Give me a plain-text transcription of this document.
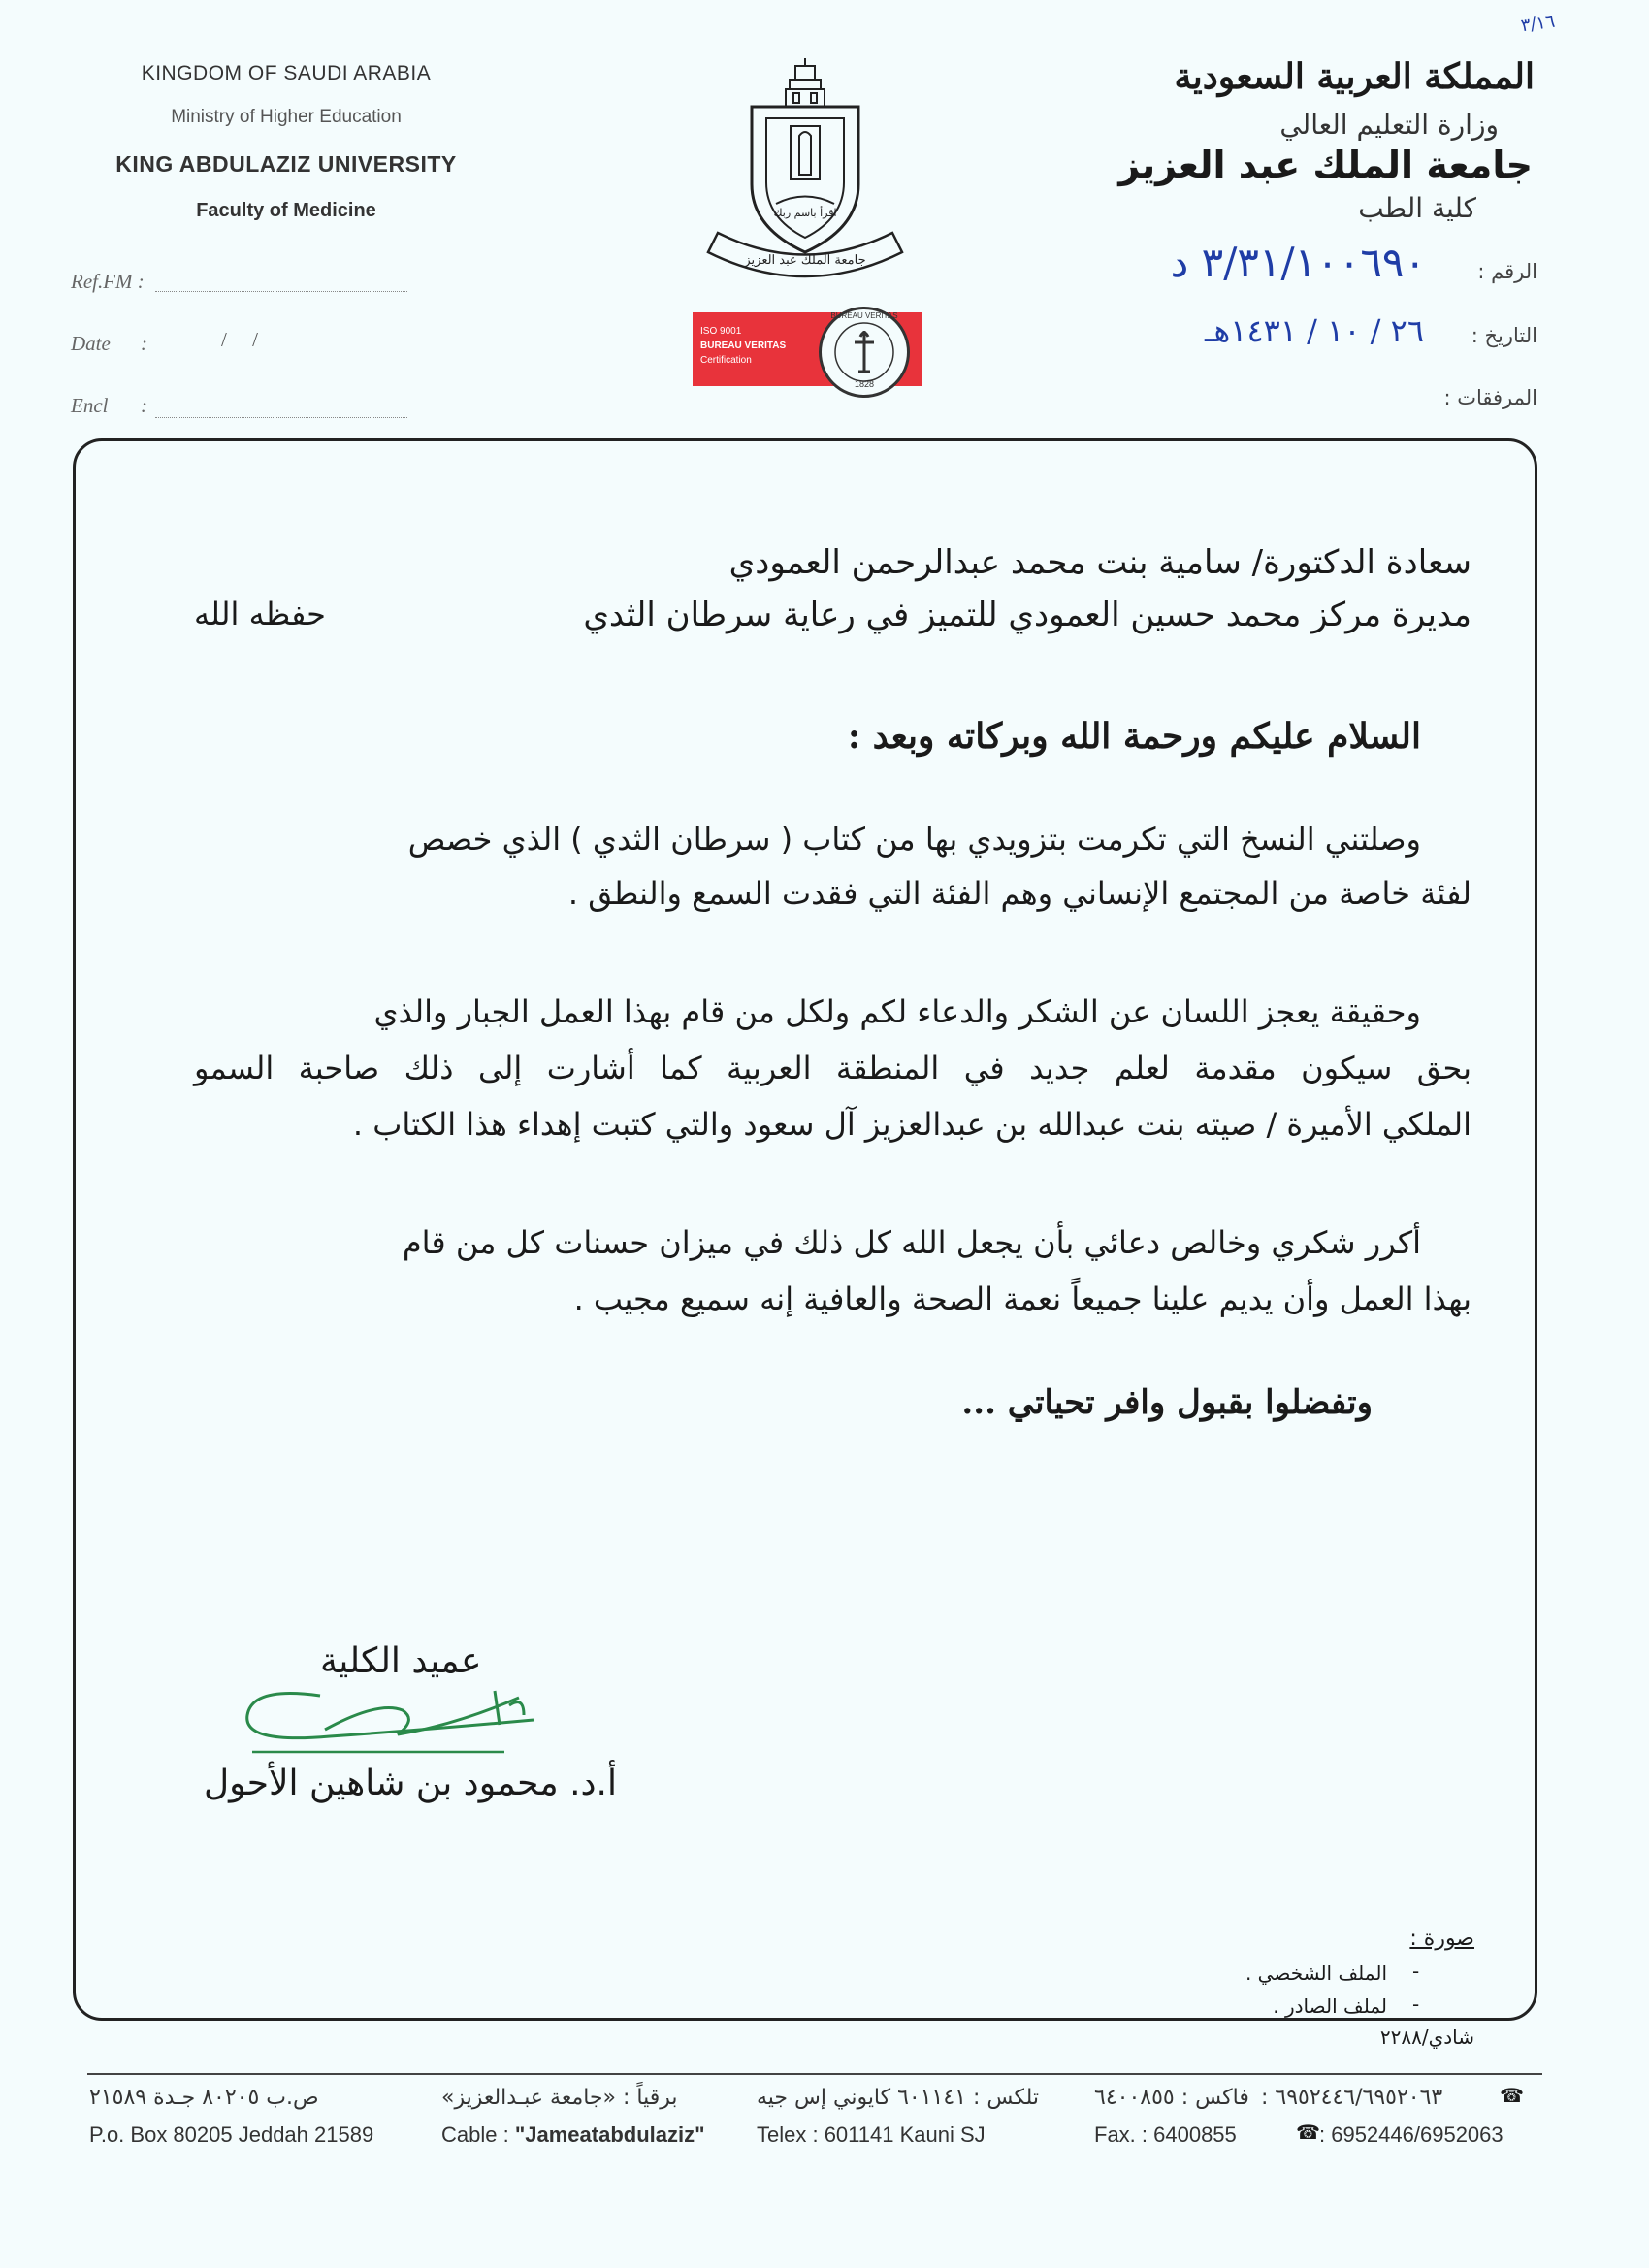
٣/١٦
KINGDOM OF SAUDI ARABIA
Ministry of Higher Education
KING ABDULAZIZ UNIVERSITY
Faculty of Medicine
Ref.FM :
Date :	/     /
Encl :
اقرأ باسم ربك
جامعة الملك عبد العزيز
ISO 9001
BUREAU VERITAS
Certification
BUREAU VERITAS
1828
المملكة العربية السعودية
وزارة التعليم العالي
جامعة الملك عبد العزيز
كلية الطب
الرقم :
٣/٣١/١٠٠٦٩٠ د
التاريخ :
٢٦ / ١٠ / ١٤٣١هـ
المرفقات :
سعادة الدكتورة/ سامية بنت محمد عبدالرحمن العمودي
مديرة مركز محمد حسين العمودي للتميز في رعاية سرطان الثدي
حفظه الله
السلام عليكم ورحمة الله وبركاته وبعد :
وصلتني النسخ التي تكرمت بتزويدي بها من كتاب ( سرطان الثدي ) الذي خصص
لفئة خاصة من المجتمع الإنساني وهم الفئة التي فقدت السمع والنطق .
وحقيقة يعجز اللسان عن الشكر والدعاء لكم ولكل من قام بهذا العمل الجبار والذي
بحق سيكون مقدمة لعلم جديد في المنطقة العربية كما أشارت إلى ذلك صاحبة السمو
الملكي الأميرة / صيته بنت عبدالله بن عبدالعزيز آل سعود والتي كتبت إهداء هذا الكتاب .
أكرر شكري وخالص دعائي بأن يجعل الله كل ذلك في ميزان حسنات كل من قام
بهذا العمل وأن يديم علينا جميعاً نعمة الصحة والعافية إنه سميع مجيب .
وتفضلوا بقبول وافر تحياتي ...
عميد الكلية
أ.د. محمود بن شاهين الأحول
صورة :
الملف الشخصي . -
لملف الصادر . -
شادي/٢٢٨٨
ص.ب ٨٠٢٠٥ جـدة ٢١٥٨٩	برقياً : «جامعة عبـدالعزيز»	تلكس : ٦٠١١٤١ كايوني إس جيه	فاكس : ٦٤٠٠٨٥٥ ٦٩٥٢٤٤٦/٦٩٥٢٠٦٣ :	☎
P.o. Box 80205 Jeddah 21589	Cable : "Jameatabdulaziz" Telex : 601141 Kauni SJ	Fax. : 6400855	☎ : 6952446/6952063
